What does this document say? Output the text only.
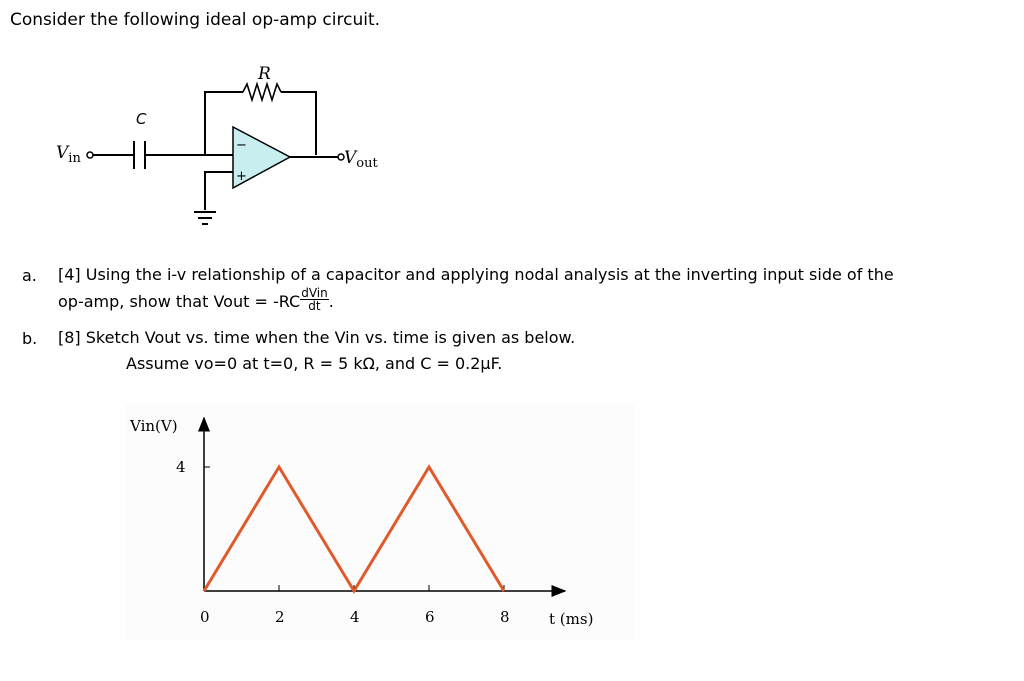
Consider the following ideal op-amp circuit.
R
C
−
+
$V_{in}$	$V_{out}$
a. [4] Using the i-v relationship of a capacitor and applying nodal analysis at the inverting input side of the
op-amp, show that Vout = $-RC \frac{\text{dVin}}{dt}$ .
b. [8] Sketch Vout vs. time when the Vin vs. time is given as below.
Assume vo=0 at t=0, R = 5 kΩ, and C = 0.2μF.
0	2	4	6	8
4
Vin(V)
t (ms)
